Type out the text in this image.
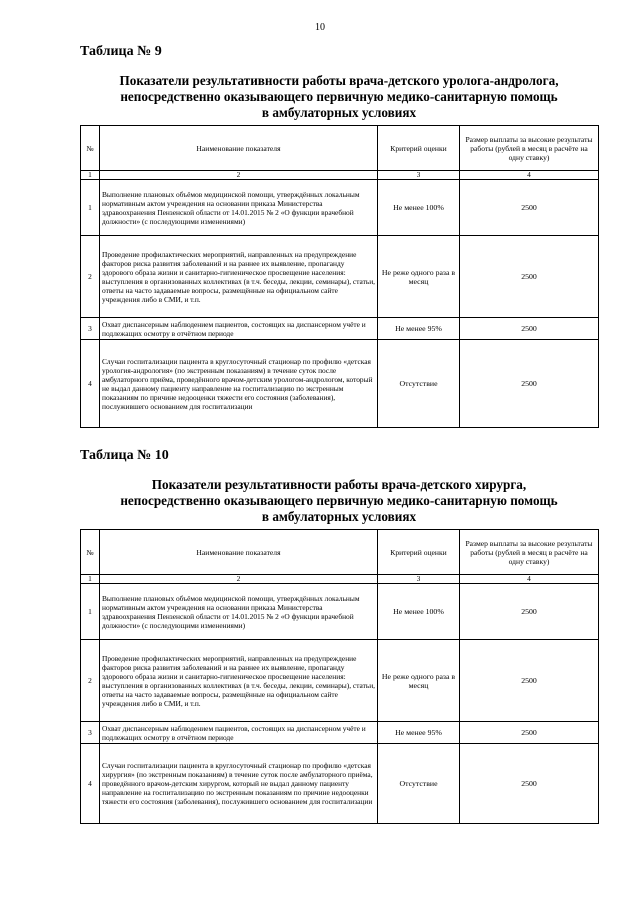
10

Таблица № 9

Показатели результативности работы врача-детского уролога-андролога,

непосредственно оказывающего первичную медико-санитарную помощь

в амбулаторных условиях

№	Наименование показателя	Критерий оценки	Размер выплаты за высокие результаты работы (рублей в месяц в расчёте на одну ставку)
1	2	3	4
1	Выполнение плановых объёмов медицинской помощи, утверждённых локальным нормативным актом учреждения на основании приказа Министерства здравоохранения Пензенской области от 14.01.2015 № 2 «О функции врачебной должности» (с последующими изменениями)	Не менее 100%	2500
2	Проведение профилактических мероприятий, направленных на предупреждение факторов риска развития заболеваний и на раннее их выявление, пропаганду здорового образа жизни и санитарно-гигиеническое просвещение населения: выступления в организованных коллективах (в т.ч. беседы, лекции, семинары), статьи, ответы на часто задаваемые вопросы, размещённые на официальном сайте учреждения либо в СМИ, и т.п.	Не реже одного раза в месяц	2500
3	Охват диспансерным наблюдением пациентов, состоящих на диспансерном учёте и подлежащих осмотру в отчётном периоде	Не менее 95%	2500
4	Случаи госпитализации пациента в круглосуточный стационар по профилю «детская урология-андрология» (по экстренным показаниям) в течение суток после амбулаторного приёма, проведённого врачом-детским урологом-андрологом, который не выдал данному пациенту направление на госпитализацию по экстренным показаниям по причине недооценки тяжести его состояния (заболевания), послужившего основанием для госпитализации	Отсутствие	2500

Таблица № 10

Показатели результативности работы врача-детского хирурга,

непосредственно оказывающего первичную медико-санитарную помощь

в амбулаторных условиях

№	Наименование показателя	Критерий оценки	Размер выплаты за высокие результаты работы (рублей в месяц в расчёте на одну ставку)
1	2	3	4
1	Выполнение плановых объёмов медицинской помощи, утверждённых локальным нормативным актом учреждения на основании приказа Министерства здравоохранения Пензенской области от 14.01.2015 № 2 «О функции врачебной должности» (с последующими изменениями)	Не менее 100%	2500
2	Проведение профилактических мероприятий, направленных на предупреждение факторов риска развития заболеваний и на раннее их выявление, пропаганду здорового образа жизни и санитарно-гигиеническое просвещение населения: выступления в организованных коллективах (в т.ч. беседы, лекции, семинары), статьи, ответы на часто задаваемые вопросы, размещённые на официальном сайте учреждения либо в СМИ, и т.п.	Не реже одного раза в месяц	2500
3	Охват диспансерным наблюдением пациентов, состоящих на диспансерном учёте и подлежащих осмотру в отчётном периоде	Не менее 95%	2500
4	Случаи госпитализации пациента в круглосуточный стационар по профилю «детская хирургия» (по экстренным показаниям) в течение суток после амбулаторного приёма, проведённого врачом-детским хирургом, который не выдал данному пациенту направление на госпитализацию по экстренным показаниям по причине недооценки тяжести его состояния (заболевания), послужившего основанием для госпитализации	Отсутствие	2500
